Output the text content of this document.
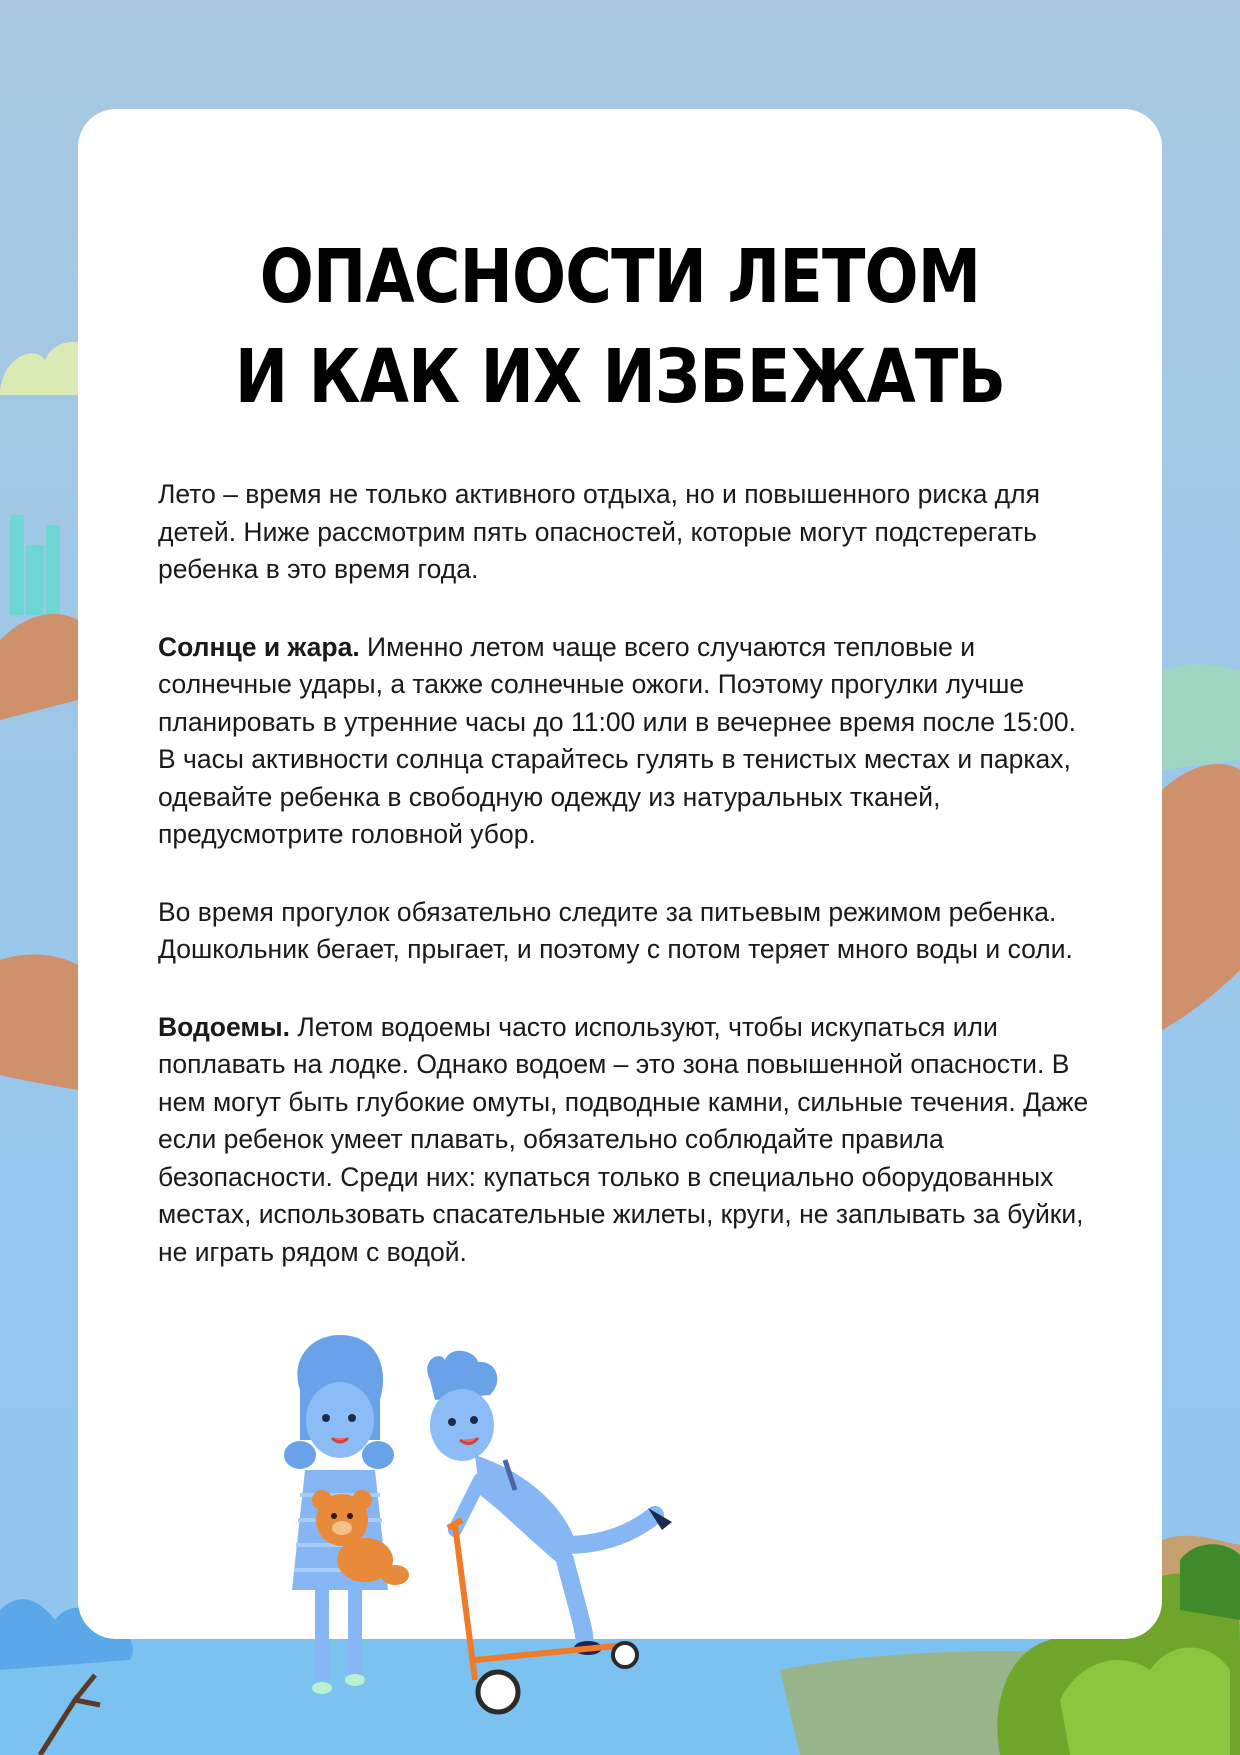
ОПАСНОСТИ ЛЕТОМ
И КАК ИХ ИЗБЕЖАТЬ

Лето – время не только активного отдыха, но и повышенного риска для детей. Ниже рассмотрим пять опасностей, которые могут подстерегать ребенка в это время года.

Солнце и жара. Именно летом чаще всего случаются тепловые и солнечные удары, а также солнечные ожоги. Поэтому прогулки лучше планировать в утренние часы до 11:00 или в вечернее время после 15:00. В часы активности солнца старайтесь гулять в тенистых местах и парках, одевайте ребенка в свободную одежду из натуральных тканей, предусмотрите головной убор.

Во время прогулок обязательно следите за питьевым режимом ребенка. Дошкольник бегает, прыгает, и поэтому с потом теряет много воды и соли.

Водоемы. Летом водоемы часто используют, чтобы искупаться или поплавать на лодке. Однако водоем – это зона повышенной опасности. В нем могут быть глубокие омуты, подводные камни, сильные течения. Даже если ребенок умеет плавать, обязательно соблюдайте правила безопасности. Среди них: купаться только в специально оборудованных местах, использовать спасательные жилеты, круги, не заплывать за буйки, не играть рядом с водой.
